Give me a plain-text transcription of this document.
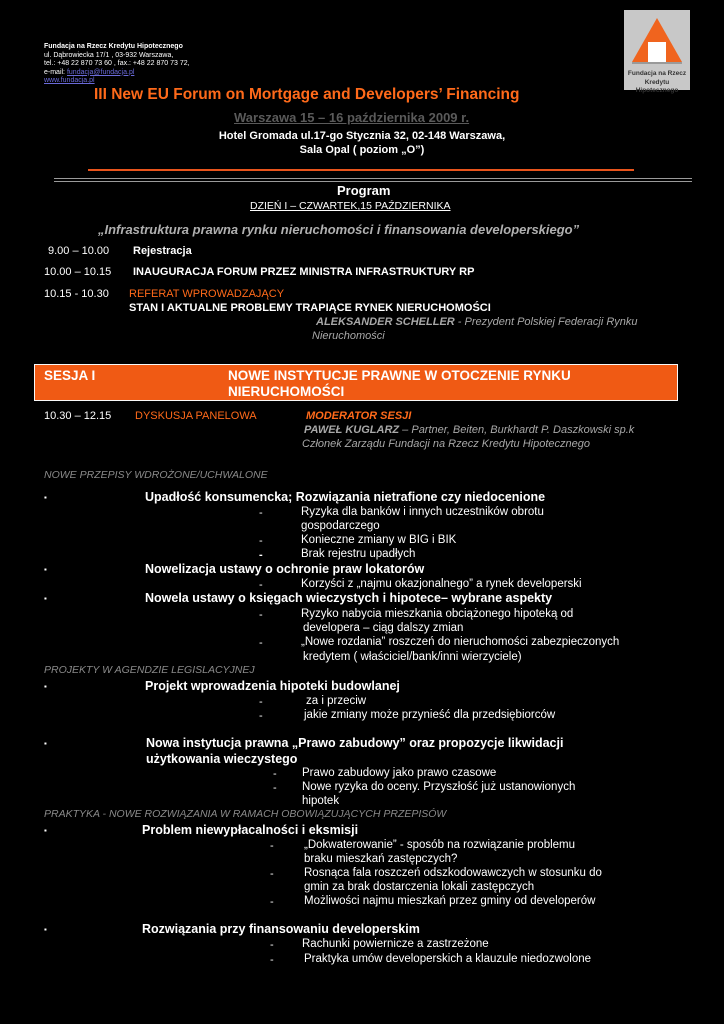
Fundacja na Rzecz Kredytu Hipotecznego
ul. Dąbrowiecka 17/1 , 03-932 Warszawa,
tel.: +48 22 870 73 60 , fax.: +48 22 870 73 72,
e-mail: fundacja@fundacja.pl
www.fundacja.pl
Fundacja na Rzecz
Kredytu Hipotecznego
III New EU Forum on Mortgage and Developers’ Financing
Warszawa 15 – 16 października 2009 r.
Hotel Gromada ul.17-go Stycznia 32, 02-148 Warszawa,
Sala Opal ( poziom „O”)
Program
DZIEŃ I – CZWARTEK,15 PAŹDZIERNIKA
„Infrastruktura prawna rynku nieruchomości i finansowania developerskiego”
9.00 – 10.00 Rejestracja
10.00 – 10.15 INAUGURACJA FORUM PRZEZ MINISTRA INFRASTRUKTURY RP
10.15 - 10.30 REFERAT WPROWADZAJĄCY
STAN I AKTUALNE PROBLEMY TRAPIĄCE RYNEK NIERUCHOMOŚCI
ALEKSANDER SCHELLER - Prezydent Polskiej Federacji Rynku
Nieruchomości
SESJA I	NOWE INSTYTUCJE PRAWNE W OTOCZENIE RYNKU
NIERUCHOMOŚCI
10.30 – 12.15 DYSKUSJA PANELOWA	MODERATOR SESJI
PAWEŁ KUGLARZ – Partner, Beiten, Burkhardt P. Daszkowski sp.k
Członek Zarządu Fundacji na Rzecz Kredytu Hipotecznego
NOWE PRZEPISY WDROŻONE/UCHWALONE
▪	Upadłość konsumencka; Rozwiązania nietrafione czy niedocenione
-	Ryzyka dla banków i innych uczestników obrotu
gospodarczego
-	Konieczne zmiany w BIG i BIK
-	Brak rejestru upadłych
▪	Nowelizacja ustawy o ochronie praw lokatorów
-	Korzyści z „najmu okazjonalnego” a rynek developerski
▪	Nowela ustawy o księgach wieczystych i hipotece– wybrane aspekty
-	Ryzyko nabycia mieszkania obciążonego hipoteką od
developera – ciąg dalszy zmian
-	„Nowe rozdania” roszczeń do nieruchomości zabezpieczonych
kredytem ( właściciel/bank/inni wierzyciele)
PROJEKTY W AGENDZIE LEGISLACYJNEJ
▪	Projekt wprowadzenia hipoteki budowlanej
-	za i przeciw
-	jakie zmiany może przynieść dla przedsiębiorców
▪	Nowa instytucja prawna „Prawo zabudowy” oraz propozycje likwidacji
użytkowania wieczystego
- Prawo zabudowy jako prawo czasowe
- Nowe ryzyka do oceny. Przyszłość już ustanowionych
hipotek
PRAKTYKA - NOWE ROZWIĄZANIA W RAMACH OBOWIĄZUJĄCYCH PRZEPISÓW
▪	Problem niewypłacalności i eksmisji
-	„Dokwaterowanie” - sposób na rozwiązanie problemu
braku mieszkań zastępczych?
-	Rosnąca fala roszczeń odszkodowawczych w stosunku do
gmin za brak dostarczenia lokali zastępczych
-	Możliwości najmu mieszkań przez gminy od developerów
▪	Rozwiązania przy finansowaniu developerskim
- Rachunki powiernicze a zastrzeżone
-	Praktyka umów developerskich a klauzule niedozwolone
